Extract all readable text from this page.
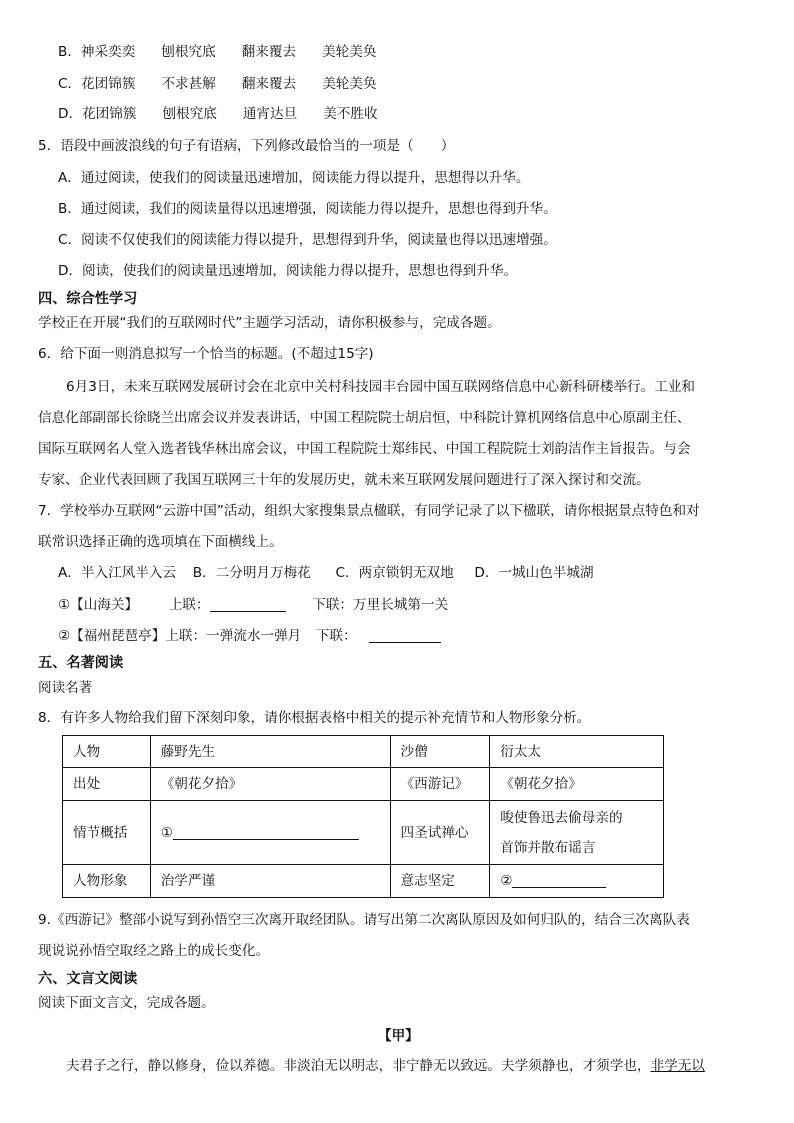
B．神采奕奕 刨根究底 翻来覆去 美轮美奂
C．花团锦簇 不求甚解 翻来覆去 美轮美奂
D．花团锦簇 刨根究底 通宵达旦 美不胜收
5．语段中画波浪线的句子有语病，下列修改最恰当的一项是（　　）
A．通过阅读，使我们的阅读量迅速增加，阅读能力得以提升，思想得以升华。
B．通过阅读，我们的阅读量得以迅速增强，阅读能力得以提升，思想也得到升华。
C．阅读不仅使我们的阅读能力得以提升，思想得到升华，阅读量也得以迅速增强。
D．阅读，使我们的阅读量迅速增加，阅读能力得以提升，思想也得到升华。
四、综合性学习
学校正在开展“我们的互联网时代”主题学习活动，请你积极参与，完成各题。
6．给下面一则消息拟写一个恰当的标题。(不超过15字)
6月3日，未来互联网发展研讨会在北京中关村科技园丰台园中国互联网络信息中心新科研楼举行。工业和
信息化部副部长徐晓兰出席会议并发表讲话，中国工程院院士胡启恒，中科院计算机网络信息中心原副主任、
国际互联网名人堂入选者钱华林出席会议，中国工程院院士郑纬民、中国工程院院士刘韵洁作主旨报告。与会
专家、企业代表回顾了我国互联网三十年的发展历史，就未来互联网发展问题进行了深入探讨和交流。
7．学校举办互联网“云游中国”活动，组织大家搜集景点楹联，有同学记录了以下楹联，请你根据景点特色和对
联常识选择正确的选项填在下面横线上。
A．半入江风半入云 B．二分明月万梅花 C．两京锁钥无双地 D．一城山色半城湖
①【山海关】 上联：	下联：万里长城第一关
②【福州琵琶亭】上联：一弹流水一弹月 下联：
五、名著阅读
阅读名著
8．有许多人物给我们留下深刻印象，请你根据表格中相关的提示补充情节和人物形象分析。
人物	藤野先生	沙僧	衍太太
出处	《朝花夕拾》	《西游记》	《朝花夕拾》
情节概括	①	四圣试禅心	唆使鲁迅去偷母亲的
首饰并散布谣言

人物形象	治学严谨	意志坚定	②
9.《西游记》整部小说写到孙悟空三次离开取经团队。请写出第二次离队原因及如何归队的，结合三次离队表
现说说孙悟空取经之路上的成长变化。
六、文言文阅读
阅读下面文言文，完成各题。
【甲】
夫君子之行，静以修身，俭以养德。非淡泊无以明志，非宁静无以致远。夫学须静也，才须学也，非学无以
